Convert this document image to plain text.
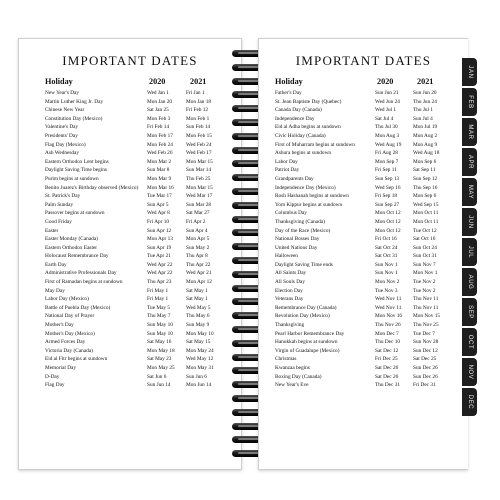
IMPORTANT DATES
Holiday	2020	2021
New Year's Day	Wed Jan 1	Fri Jan 1
Martin Luther King Jr. Day	Mon Jan 20	Mon Jan 18
Chinese New Year	Sat Jan 25	Fri Feb 12
Constitution Day (Mexico)	Mon Feb 3	Mon Feb 1
Valentine's Day	Fri Feb 14	Sun Feb 14
Presidents' Day	Mon Feb 17	Mon Feb 15
Flag Day (Mexico)	Mon Feb 24	Wed Feb 24
Ash Wednesday	Wed Feb 26	Wed Feb 17
Eastern Orthodox Lent begins	Mon Mar 2	Mon Mar 15
Daylight Saving Time begins	Sun Mar 8	Sun Mar 14
Purim begins at sundown	Mon Mar 9	Thu Feb 25
Benito Juarez's Birthday observed (Mexico)	Mon Mar 16	Mon Mar 15
St. Patrick's Day	Tue Mar 17	Wed Mar 17
Palm Sunday	Sun Apr 5	Sun Mar 28
Passover begins at sundown	Wed Apr 8	Sat Mar 27
Good Friday	Fri Apr 10	Fri Apr 2
Easter	Sun Apr 12	Sun Apr 4
Easter Monday (Canada)	Mon Apr 13	Mon Apr 5
Eastern Orthodox Easter	Sun Apr 19	Sun May 2
Holocaust Remembrance Day	Tue Apr 21	Thu Apr 8
Earth Day	Wed Apr 22	Thu Apr 22
Administrative Professionals Day	Wed Apr 22	Wed Apr 21
First of Ramadan begins at sundown	Thu Apr 23	Mon Apr 12
May Day	Fri May 1	Sat May 1
Labor Day (Mexico)	Fri May 1	Sat May 1
Battle of Puebla Day (Mexico)	Tue May 5	Wed May 5
National Day of Prayer	Thu May 7	Thu May 6
Mother's Day	Sun May 10	Sun May 9
Mother's Day (Mexico)	Sun May 10	Mon May 10
Armed Forces Day	Sat May 16	Sat May 15
Victoria Day (Canada)	Mon May 18	Mon May 24
Eid al Fitr begins at sundown	Sat May 23	Wed May 12
Memorial Day	Mon May 25	Mon May 31
D-Day	Sat Jun 6	Sun Jun 6
Flag Day	Sun Jun 14	Mon Jun 14
IMPORTANT DATES
Holiday	2020	2021
Father's Day	Sun Jun 21	Sun Jun 20
St. Jean Baptiste Day (Quebec)	Wed Jun 24	Thu Jun 24
Canada Day (Canada)	Wed Jul 1	Thu Jul 1
Independence Day	Sat Jul 4	Sun Jul 4
Eid al Adha begins at sundown	Thu Jul 30	Mon Jul 19
Civic Holiday (Canada)	Mon Aug 3	Mon Aug 2
First of Muharram begins at sundown	Wed Aug 19	Mon Aug 9
Ashura begins at sundown	Fri Aug 28	Wed Aug 18
Labor Day	Mon Sep 7	Mon Sep 6
Patriot Day	Fri Sep 11	Sat Sep 11
Grandparents Day	Sun Sep 13	Sun Sep 12
Independence Day (Mexico)	Wed Sep 16	Thu Sep 16
Rosh Hashanah begins at sundown	Fri Sep 18	Mon Sep 6
Yom Kippur begins at sundown	Sun Sep 27	Wed Sep 15
Columbus Day	Mon Oct 12	Mon Oct 11
Thanksgiving (Canada)	Mon Oct 12	Mon Oct 11
Day of the Race (Mexico)	Mon Oct 12	Tue Oct 12
National Bosses Day	Fri Oct 16	Sat Oct 16
United Nations Day	Sat Oct 24	Sun Oct 24
Halloween	Sat Oct 31	Sun Oct 31
Daylight Saving Time ends	Sun Nov 1	Sun Nov 7
All Saints Day	Sun Nov 1	Mon Nov 1
All Souls Day	Mon Nov 2	Tue Nov 2
Election Day	Tue Nov 3	Tue Nov 2
Veterans Day	Wed Nov 11	Thu Nov 11
Remembrance Day (Canada)	Wed Nov 11	Thu Nov 11
Revolution Day (Mexico)	Mon Nov 16	Mon Nov 15
Thanksgiving	Thu Nov 26	Thu Nov 25
Pearl Harbor Remembrance Day	Mon Dec 7	Tue Dec 7
Hanukkah begins at sundown	Thu Dec 10	Sun Nov 28
Virgin of Guadalupe (Mexico)	Sat Dec 12	Sun Dec 12
Christmas	Fri Dec 25	Sat Dec 25
Kwanzaa begins	Sat Dec 26	Sun Dec 26
Boxing Day (Canada)	Sat Dec 26	Sun Dec 26
New Year's Eve	Thu Dec 31	Fri Dec 31
JAN
FEB
MAR
APR
MAY
JUN
JUL
AUG
SEP
OCT
NOV
DEC
